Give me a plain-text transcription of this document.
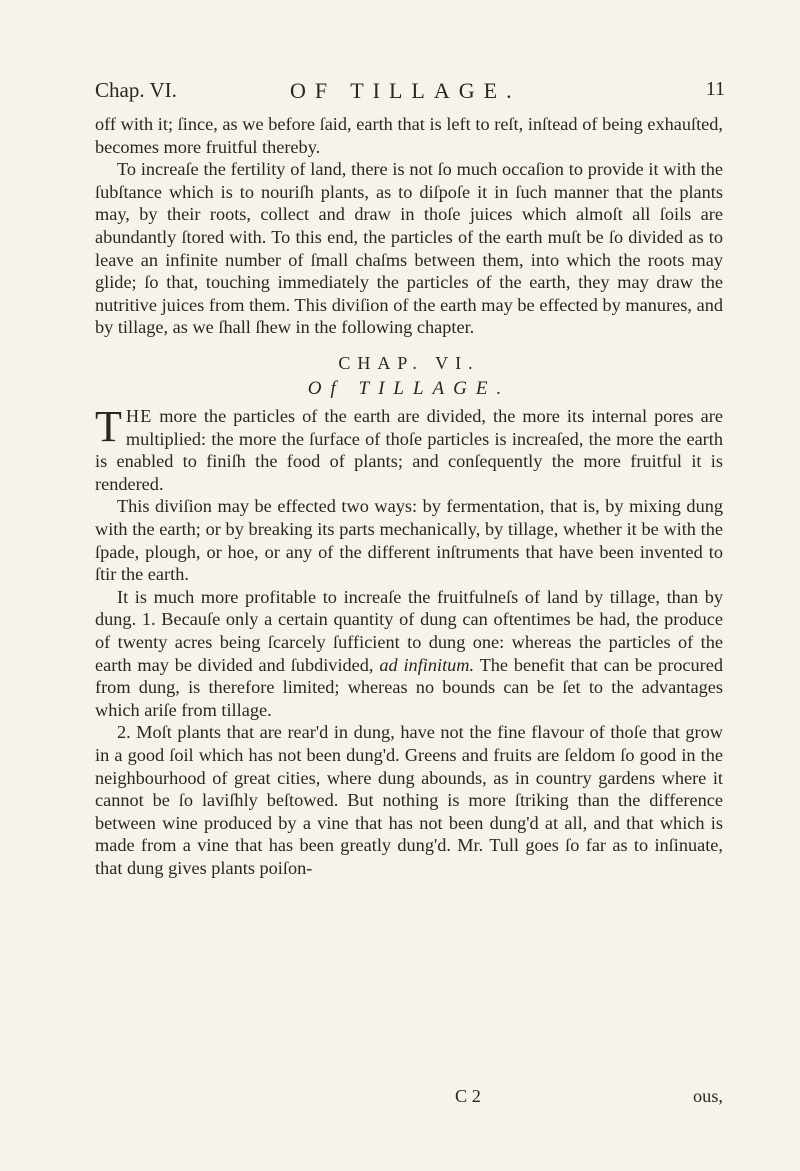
Chap. VI.	OF TILLAGE.	11

off with it; ſince, as we before ſaid, earth that is left to reſt, inſtead of being exhauſted, becomes more fruitful thereby.

To increaſe the fertility of land, there is not ſo much occaſion to provide it with the ſubſtance which is to nouriſh plants, as to diſpoſe it in ſuch manner that the plants may, by their roots, collect and draw in thoſe juices which almoſt all ſoils are abundantly ſtored with. To this end, the particles of the earth muſt be ſo divided as to leave an infinite number of ſmall chaſms between them, into which the roots may glide; ſo that, touching immediately the particles of the earth, they may draw the nutritive juices from them. This diviſion of the earth may be effected by manures, and by tillage, as we ſhall ſhew in the following chapter.

CHAP. VI.
Of TILLAGE.

THE more the particles of the earth are divided, the more its internal pores are multiplied: the more the ſurface of thoſe particles is increaſed, the more the earth is enabled to finiſh the food of plants; and conſequently the more fruitful it is rendered.

This diviſion may be effected two ways: by fermentation, that is, by mixing dung with the earth; or by breaking its parts mechanically, by tillage, whether it be with the ſpade, plough, or hoe, or any of the different inſtruments that have been invented to ſtir the earth.

It is much more profitable to increaſe the fruitfulneſs of land by tillage, than by dung. 1. Becauſe only a certain quantity of dung can oftentimes be had, the produce of twenty acres being ſcarcely ſufficient to dung one: whereas the particles of the earth may be divided and ſubdivided, ad infinitum. The benefit that can be procured from dung, is therefore limited; whereas no bounds can be ſet to the advantages which ariſe from tillage.

2. Moſt plants that are rear'd in dung, have not the fine flavour of thoſe that grow in a good ſoil which has not been dung'd. Greens and fruits are ſeldom ſo good in the neighbourhood of great cities, where dung abounds, as in country gardens where it cannot be ſo laviſhly beſtowed. But nothing is more ſtriking than the difference between wine produced by a vine that has not been dung'd at all, and that which is made from a vine that has been greatly dung'd. Mr. Tull goes ſo far as to inſinuate, that dung gives plants poiſon-

C 2	ous,
